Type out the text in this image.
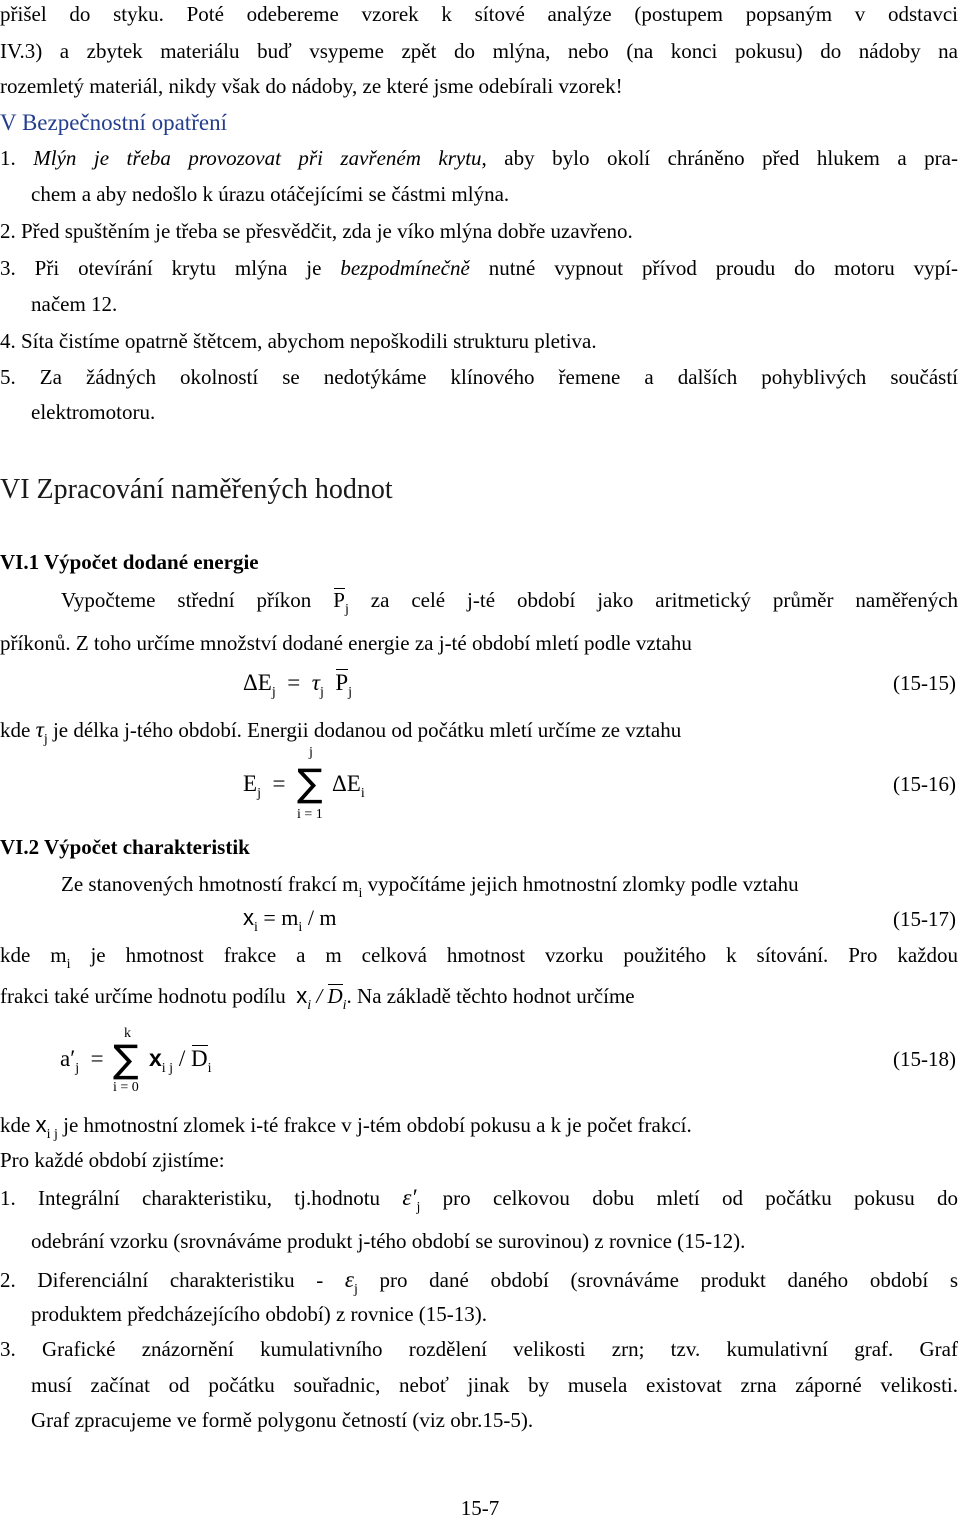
přišel do styku. Poté odebereme vzorek k sítové analýze (postupem popsaným v odstavci
IV.3) a zbytek materiálu buď vsypeme zpět do mlýna, nebo (na konci pokusu) do nádoby na
rozemletý materiál, nikdy však do nádoby, ze které jsme odebírali vzorek!
V Bezpečnostní opatření
1. Mlýn je třeba provozovat při zavřeném krytu, aby bylo okolí chráněno před hlukem a pra-
chem a aby nedošlo k úrazu otáčejícími se částmi mlýna.
2. Před spuštěním je třeba se přesvědčit, zda je víko mlýna dobře uzavřeno.
3. Při otevírání krytu mlýna je bezpodmínečně nutné vypnout přívod proudu do motoru vypí-
načem 12.
4. Síta čistíme opatrně štětcem, abychom nepoškodili strukturu pletiva.
5. Za žádných okolností se nedotýkáme klínového řemene a dalších pohyblivých součástí
elektromotoru.
VI Zpracování naměřených hodnot
VI.1 Výpočet dodané energie
Vypočteme střední příkon $P_j$ za celé j-té období jako aritmetický průměr naměřených
příkonů. Z toho určíme množství dodané energie za j-té období mletí podle vztahu
$\Delta E_j = \tau_j$ $P_j$	(15-15)
kde $\tau_j$ je délka j-tého období. Energii dodanou od počátku mletí určíme ze vztahu
$E_j$ =
j
∑
i = 1
$\Delta E_i$	(15-16)
VI.2 Výpočet charakteristik
Ze stanovených hmotností frakcí $m_i$ vypočítáme jejich hmotnostní zlomky podle vztahu
$x_i = m_i / m$	(15-17)
kde $m_i$ je hmotnost frakce a m celková hmotnost vzorku použitého k sítování. Pro každou
frakci také určíme hodnotu podílu $x_i / D_i$. Na základě těchto hodnot určíme
$a'_j$ =
k
∑
i = 0
$x_{i j} / D_i$	(15-18)
kde $x_{i j}$ je hmotnostní zlomek i-té frakce v j-tém období pokusu a k je počet frakcí.
Pro každé období zjistíme:
1. Integrální charakteristiku, tj.hodnotu $\varepsilon'_j$ pro celkovou dobu mletí od počátku pokusu do
odebrání vzorku (srovnáváme produkt j-tého období se surovinou) z rovnice (15-12).
2. Diferenciální charakteristiku - $\varepsilon_j$ pro dané období (srovnáváme produkt daného období s
produktem předcházejícího období) z rovnice (15-13).
3. Grafické znázornění kumulativního rozdělení velikosti zrn; tzv. kumulativní graf. Graf
musí začínat od počátku souřadnic, neboť jinak by musela existovat zrna záporné velikosti.
Graf zpracujeme ve formě polygonu četností (viz obr.15-5).
15-7
